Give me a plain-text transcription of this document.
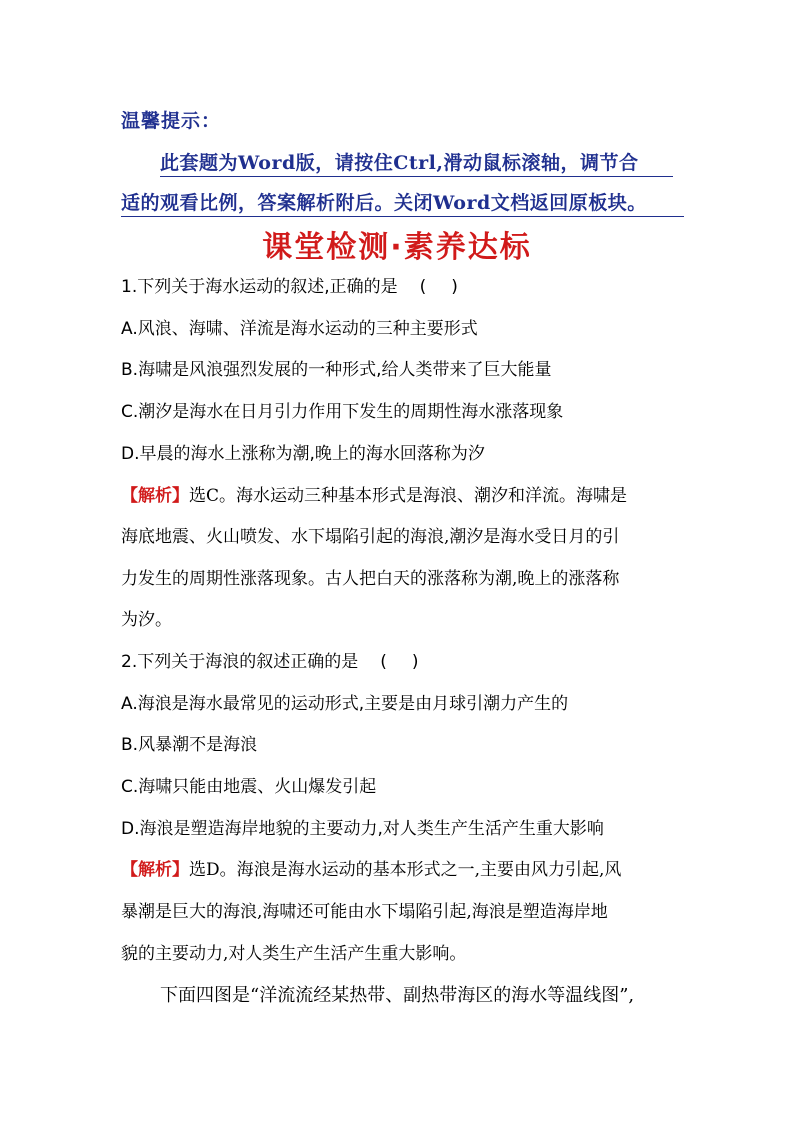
温馨提示：
此套题为Word版，请按住Ctrl,滑动鼠标滚轴，调节合
适的观看比例，答案解析附后。关闭Word文档返回原板块。
课堂检测·素养达标
1.下列关于海水运动的叙述,正确的是 (　)
A.风浪、海啸、洋流是海水运动的三种主要形式
B.海啸是风浪强烈发展的一种形式,给人类带来了巨大能量
C.潮汐是海水在日月引力作用下发生的周期性海水涨落现象
D.早晨的海水上涨称为潮,晚上的海水回落称为汐
【解析】选C。海水运动三种基本形式是海浪、潮汐和洋流。海啸是
海底地震、火山喷发、水下塌陷引起的海浪,潮汐是海水受日月的引
力发生的周期性涨落现象。古人把白天的涨落称为潮,晚上的涨落称
为汐。
2.下列关于海浪的叙述正确的是 (　)
A.海浪是海水最常见的运动形式,主要是由月球引潮力产生的
B.风暴潮不是海浪
C.海啸只能由地震、火山爆发引起
D.海浪是塑造海岸地貌的主要动力,对人类生产生活产生重大影响
【解析】选D。海浪是海水运动的基本形式之一,主要由风力引起,风
暴潮是巨大的海浪,海啸还可能由水下塌陷引起,海浪是塑造海岸地
貌的主要动力,对人类生产生活产生重大影响。
下面四图是“洋流流经某热带、副热带海区的海水等温线图”,
